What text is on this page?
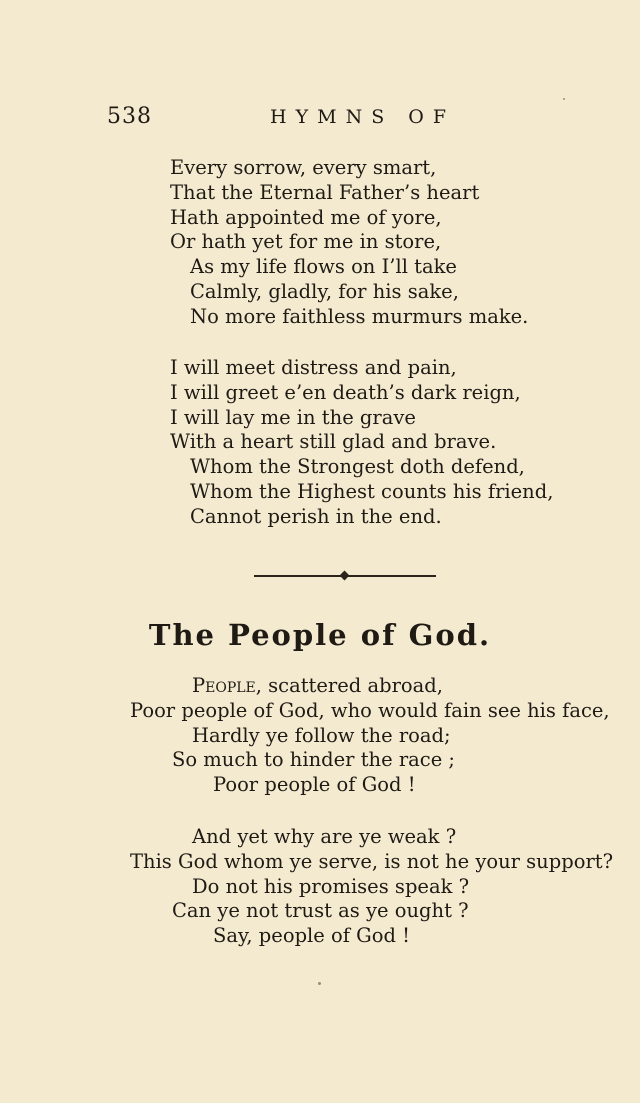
538	HYMNS OF
Every sorrow, every smart,
That the Eternal Father’s heart
Hath appointed me of yore,
Or hath yet for me in store,
As my life flows on I’ll take
Calmly, gladly, for his sake,
No more faithless murmurs make.
I will meet distress and pain,
I will greet e’en death’s dark reign,
I will lay me in the grave
With a heart still glad and brave.
Whom the Strongest doth defend,
Whom the Highest counts his friend,
Cannot perish in the end.
The People of God.
People, scattered abroad,
Poor people of God, who would fain see his face,
Hardly ye follow the road;
So much to hinder the race ;
Poor people of God !
And yet why are ye weak ?
This God whom ye serve, is not he your support?
Do not his promises speak ?
Can ye not trust as ye ought ?
Say, people of God !
